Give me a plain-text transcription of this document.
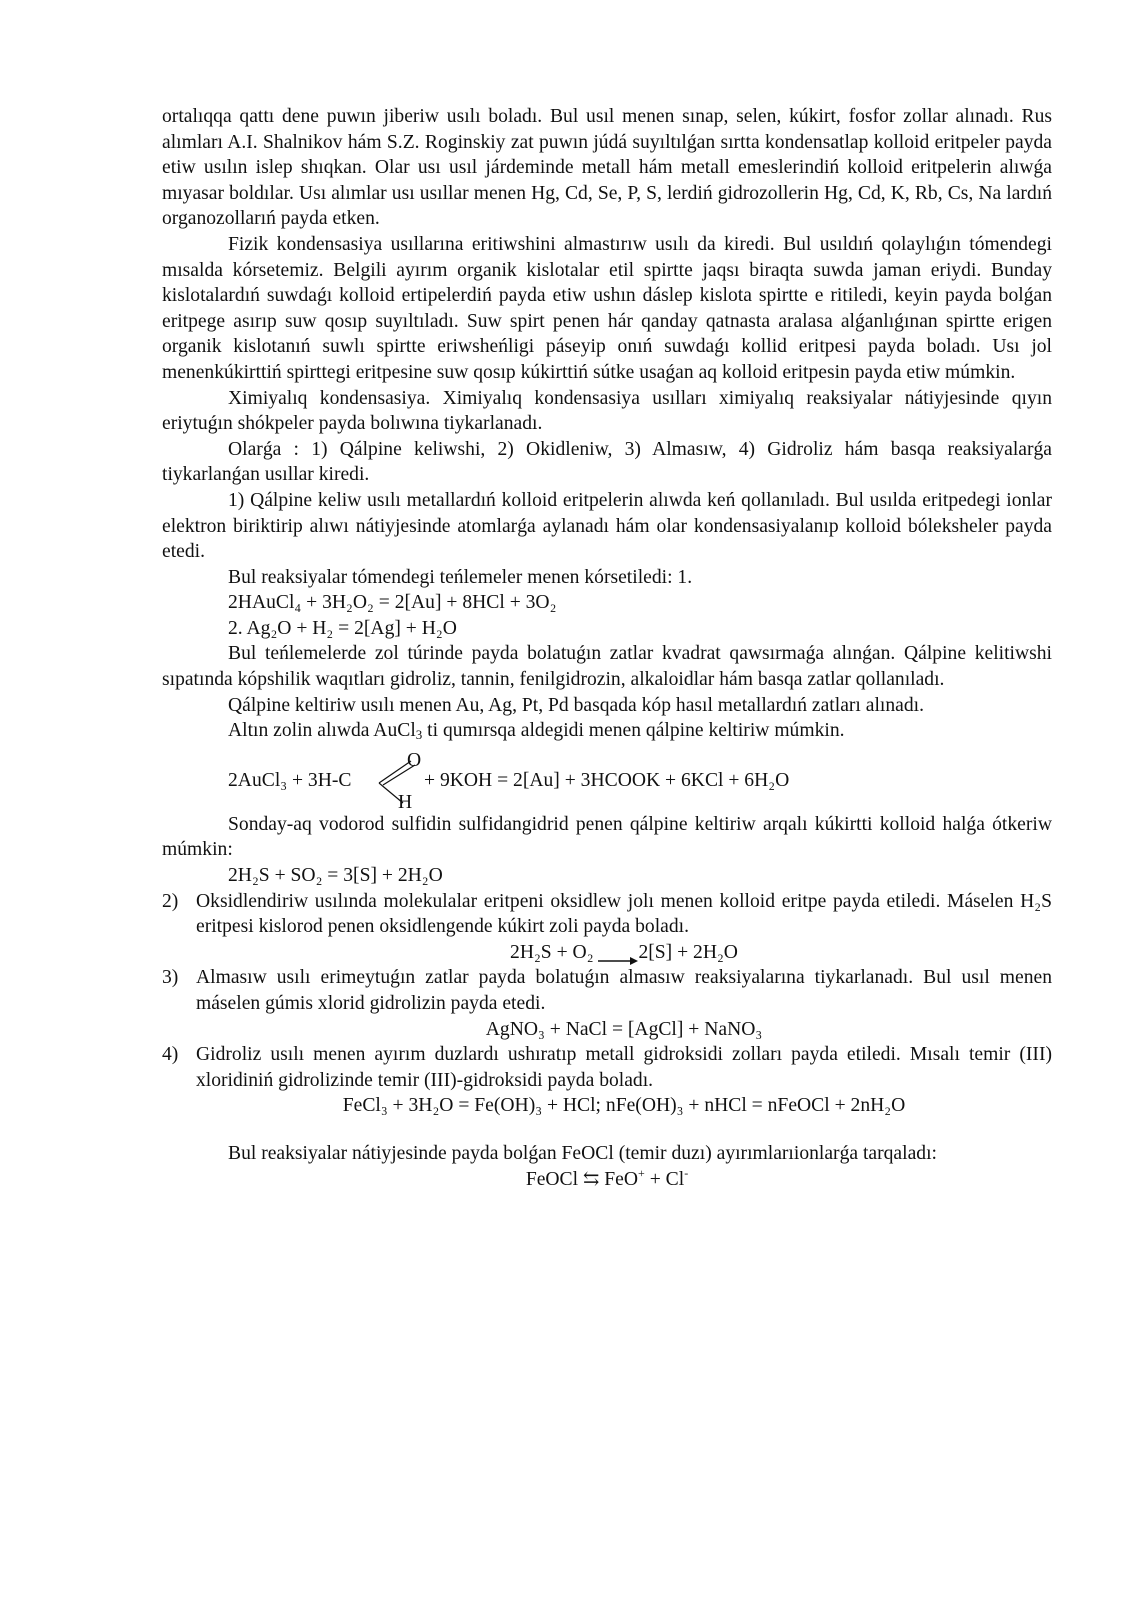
ortalıqqa qattı dene puwın jiberiw usılı boladı. Bul usıl menen sınap, selen, kúkirt, fosfor zollar alınadı. Rus alımları A.I. Shalnikov hám S.Z. Roginskiy zat puwın júdá suyıltılǵan sırtta kondensatlap kolloid eritpeler payda etiw usılın islep shıqkan. Olar usı usıl járdeminde metall hám metall emeslerindiń kolloid eritpelerin alıwǵa mıyasar boldılar. Usı alımlar usı usıllar menen Hg, Cd, Se, P, S, lerdiń gidrozollerin Hg, Cd, K, Rb, Cs, Na lardıń organozollarıń payda etken.

Fizik kondensasiya usıllarına eritiwshini almastırıw usılı da kiredi. Bul usıldıń qolaylıǵın tómendegi mısalda kórsetemiz. Belgili ayırım organik kislotalar etil spirtte jaqsı biraqta suwda jaman eriydi. Bunday kislotalardıń suwdaǵı kolloid ertipelerdiń payda etiw ushın dáslep kislota spirtte e ritiledi, keyin payda bolǵan eritpege asırıp suw qosıp suyıltıladı. Suw spirt penen hár qanday qatnasta aralasa alǵanlıǵınan spirtte erigen organik kislotanıń suwlı spirtte eriwsheńligi páseyip onıń suwdaǵı kollid eritpesi payda boladı. Usı jol menenkúkirttiń spirttegi eritpesine suw qosıp kúkirttiń sútke usaǵan aq kolloid eritpesin payda etiw múmkin.

Ximiyalıq kondensasiya. Ximiyalıq kondensasiya usılları ximiyalıq reaksiyalar nátiyjesinde qıyın eriytuǵın shókpeler payda bolıwına tiykarlanadı.

Olarǵa : 1) Qálpine keliwshi, 2) Okidleniw, 3) Almasıw, 4) Gidroliz hám basqa reaksiyalarǵa tiykarlanǵan usıllar kiredi.

1) Qálpine keliw usılı metallardıń kolloid eritpelerin alıwda keń qollanıladı. Bul usılda eritpedegi ionlar elektron biriktirip alıwı nátiyjesinde atomlarǵa aylanadı hám olar kondensasiyalanıp kolloid bóleksheler payda etedi.

Bul reaksiyalar tómendegi teńlemeler menen kórsetiledi: 1.

2HAuCl₄ + 3H₂O₂ = 2[Au] + 8HCl + 3O₂

2. Ag₂O + H₂ = 2[Ag] + H₂O

Bul teńlemelerde zol túrinde payda bolatuǵın zatlar kvadrat qawsırmaǵa alınǵan. Qálpine kelitiwshi sıpatında kópshilik waqıtları gidroliz, tannin, fenilgidrozin, alkaloidlar hám basqa zatlar qollanıladı.

Qálpine keltiriw usılı menen Au, Ag, Pt, Pd basqada kóp hasıl metallardıń zatları alınadı.

Altın zolin alıwda AuCl$_3$ ti qumırsqa aldegidi menen qálpine keltiriw múmkin.

2AuCl₃ + 3H-C
O
H
+ 9KOH = 2[Au] + 3HCOOK + 6KCl + 6H₂O

Sonday-aq vodorod sulfidin sulfidangidrid penen qálpine keltiriw arqalı kúkirtti kolloid halǵa ótkeriw múmkin:

2H₂S + SO₂ = 3[S] + 2H₂O

2) Oksidlendiriw usılında molekulalar eritpeni oksidlew jolı menen kolloid eritpe payda etiledi. Máselen H₂S eritpesi kislorod penen oksidlengende kúkirt zoli payda boladı.
2H₂S + O₂ 2[S] + 2H₂O
3) Almasıw usılı erimeytuǵın zatlar payda bolatuǵın almasıw reaksiyalarına tiykarlanadı. Bul usıl menen máselen gúmis xlorid gidrolizin payda etedi.
AgNO₃ + NaCl = [AgCl] + NaNO₃
4) Gidroliz usılı menen ayırım duzlardı ushıratıp metall gidroksidi zolları payda etiledi. Mısalı temir (III) xloridiniń gidrolizinde temir (III)-gidroksidi payda boladı.
FeCl₃ + 3H₂O = Fe(OH)₃ + HCl; nFe(OH)₃ + nHCl = nFeOCl + 2nH₂O

Bul reaksiyalar nátiyjesinde payda bolǵan FeOCl (temir duzı) ayırımlarıionlarǵa tarqaladı:

FeOCl ⇆ FeO+ + Cl-
